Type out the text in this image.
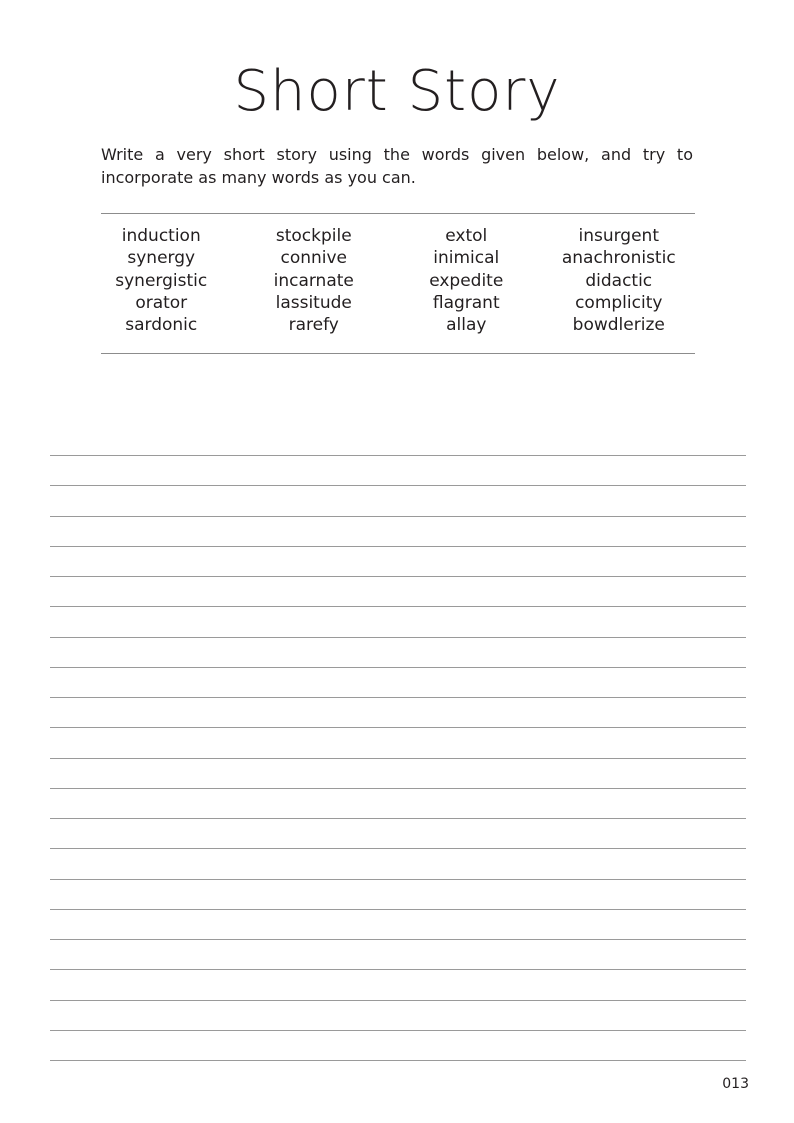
Short Story
Write a very short story using the words given below, and try to incorporate as many words as you can.
induction
synergy
synergistic
orator
sardonic
stockpile
connive
incarnate
lassitude
rarefy
extol
inimical
expedite
flagrant
allay
insurgent
anachronistic
didactic
complicity
bowdlerize
013
